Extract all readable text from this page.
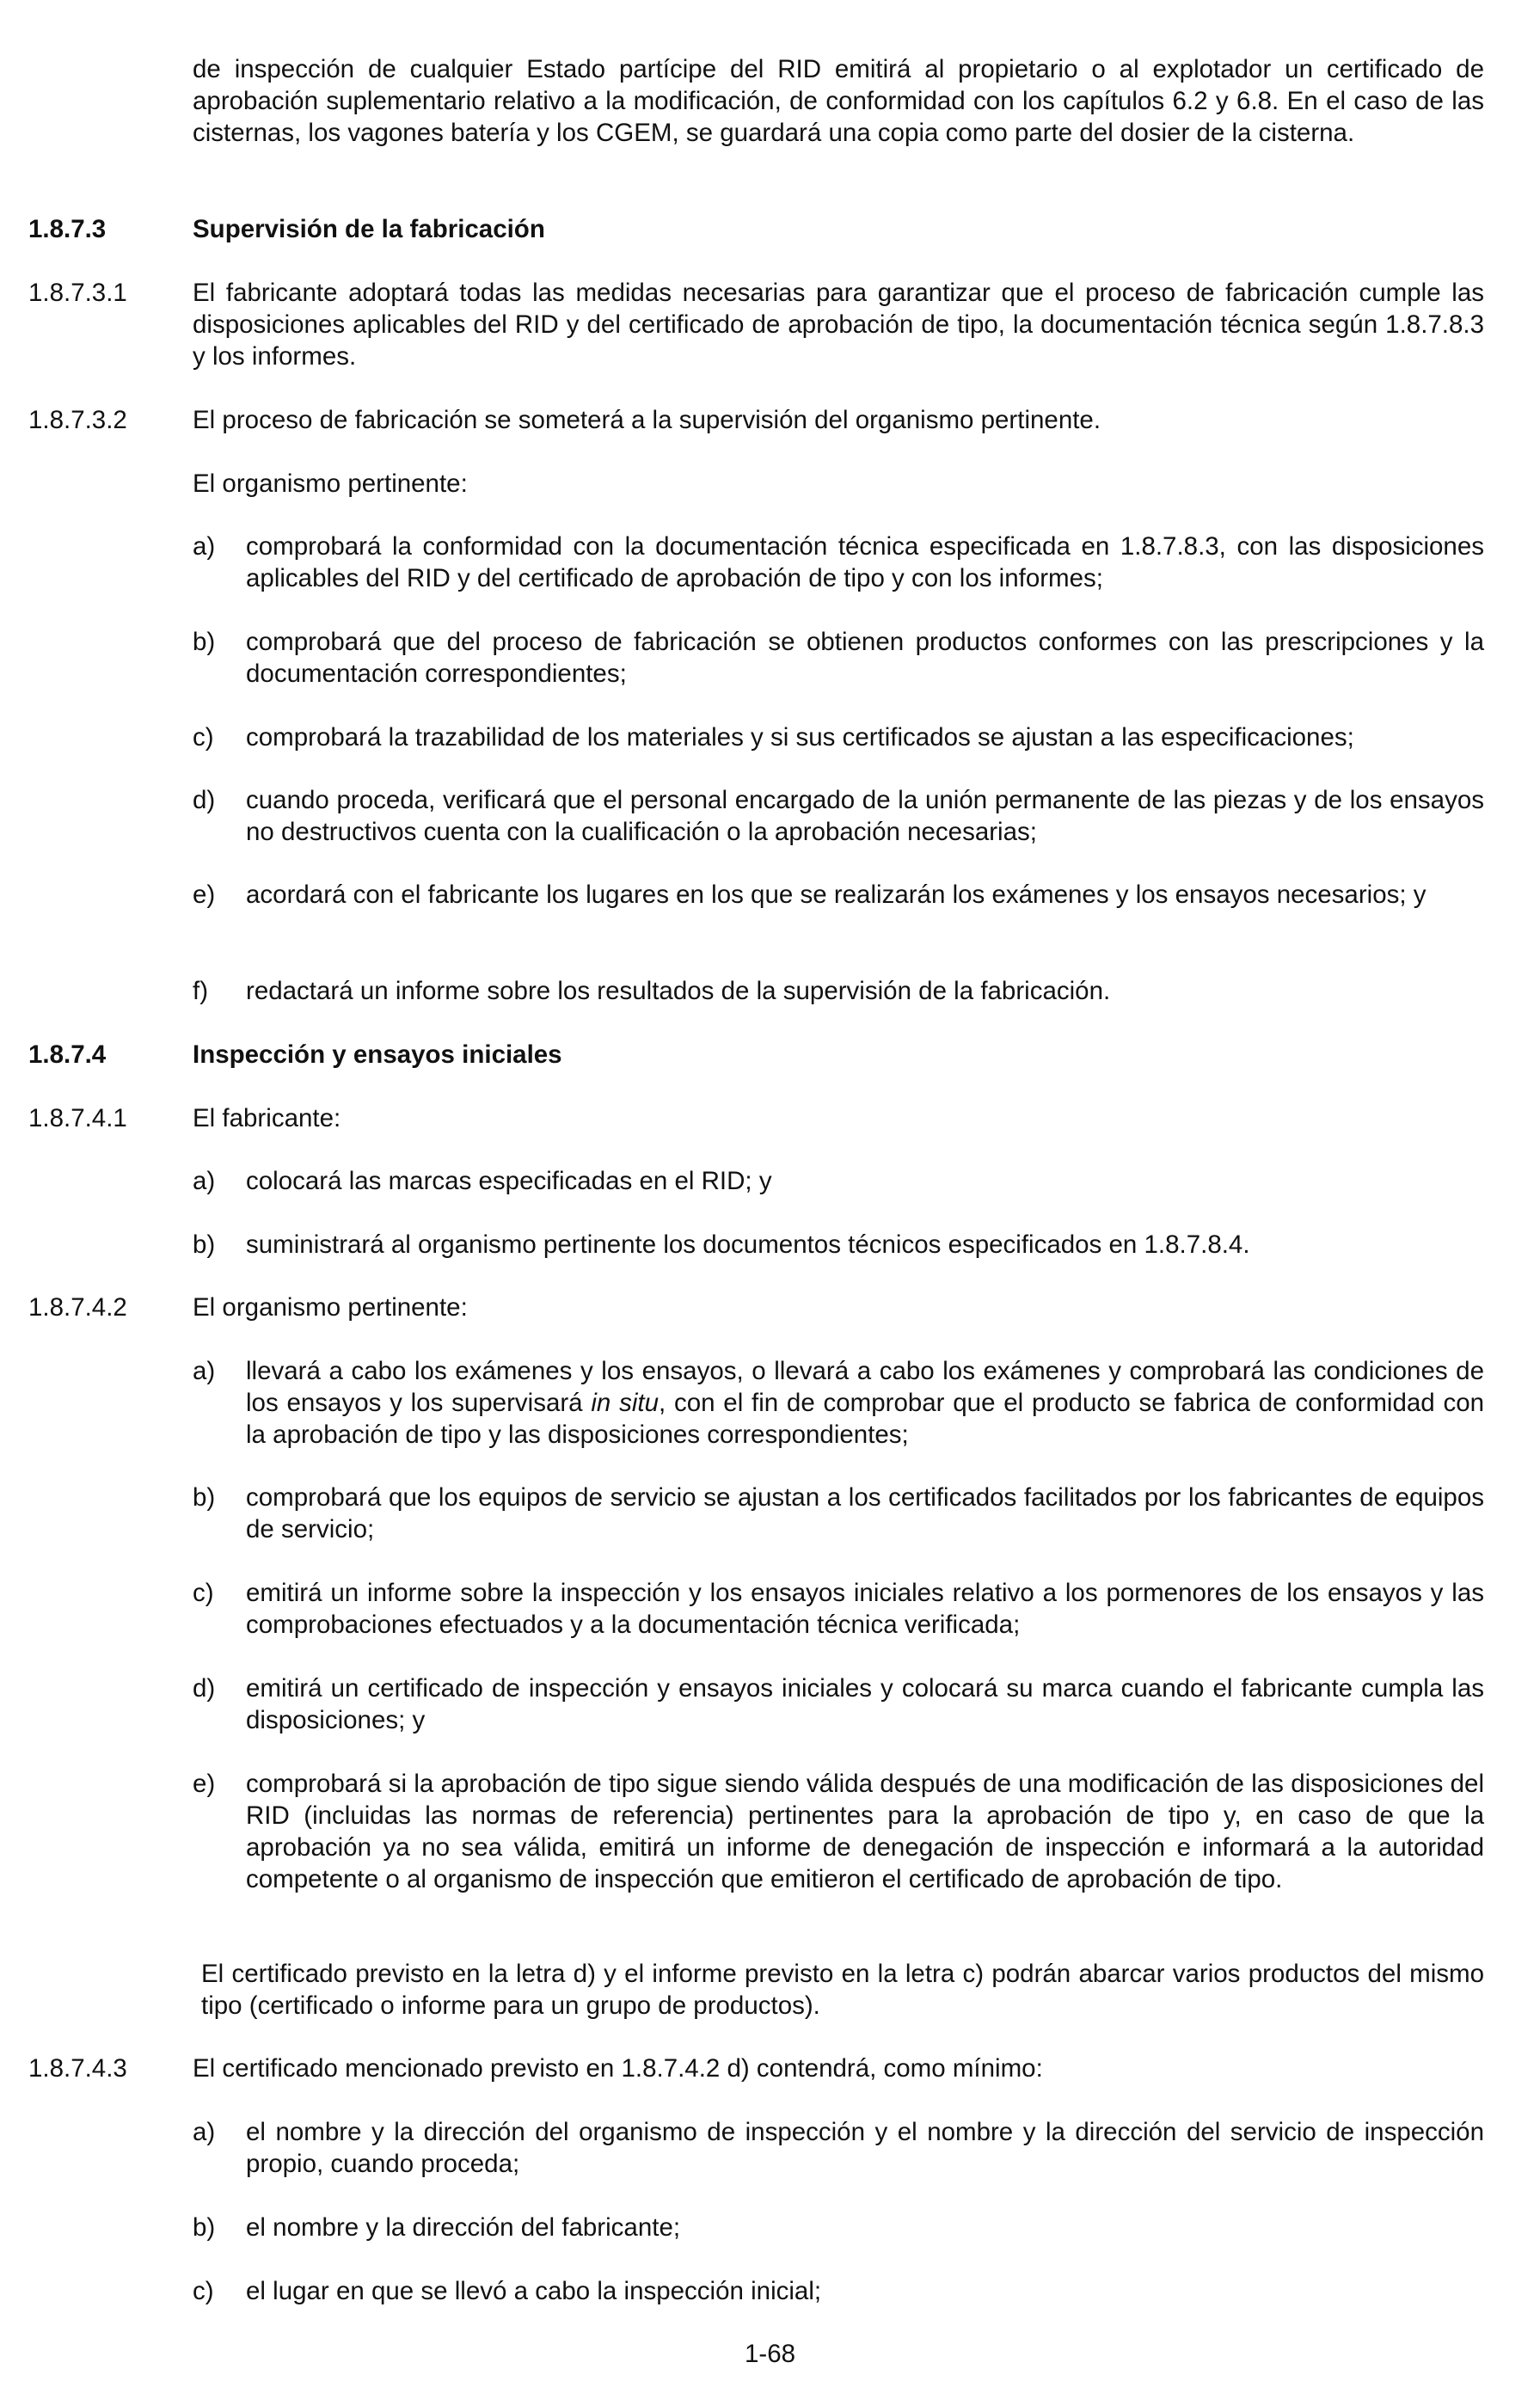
de inspección de cualquier Estado partícipe del RID emitirá al propietario o al explotador un certificado de aprobación suplementario relativo a la modificación, de conformidad con los capítulos 6.2 y 6.8. En el caso de las cisternas, los vagones batería y los CGEM, se guardará una copia como parte del dosier de la cisterna.

1.8.7.3	Supervisión de la fabricación

1.8.7.3.1	El fabricante adoptará todas las medidas necesarias para garantizar que el proceso de fabricación cumple las disposiciones aplicables del RID y del certificado de aprobación de tipo, la documentación técnica según 1.8.7.8.3 y los informes.

1.8.7.3.2	El proceso de fabricación se someterá a la supervisión del organismo pertinente.

El organismo pertinente:

a) comprobará la conformidad con la documentación técnica especificada en 1.8.7.8.3, con las disposiciones aplicables del RID y del certificado de aprobación de tipo y con los informes;
b) comprobará que del proceso de fabricación se obtienen productos conformes con las prescripciones y la documentación correspondientes;
c) comprobará la trazabilidad de los materiales y si sus certificados se ajustan a las especificaciones;
d) cuando proceda, verificará que el personal encargado de la unión permanente de las piezas y de los ensayos no destructivos cuenta con la cualificación o la aprobación necesarias;
e) acordará con el fabricante los lugares en los que se realizarán los exámenes y los ensayos necesarios; y
f) redactará un informe sobre los resultados de la supervisión de la fabricación.

1.8.7.4	Inspección y ensayos iniciales

1.8.7.4.1	El fabricante:

a) colocará las marcas especificadas en el RID; y
b) suministrará al organismo pertinente los documentos técnicos especificados en 1.8.7.8.4.

1.8.7.4.2	El organismo pertinente:

a) llevará a cabo los exámenes y los ensayos, o llevará a cabo los exámenes y comprobará las condiciones de los ensayos y los supervisará in situ, con el fin de comprobar que el producto se fabrica de conformidad con la aprobación de tipo y las disposiciones correspondientes;
b) comprobará que los equipos de servicio se ajustan a los certificados facilitados por los fabricantes de equipos de servicio;
c) emitirá un informe sobre la inspección y los ensayos iniciales relativo a los pormenores de los ensayos y las comprobaciones efectuados y a la documentación técnica verificada;
d) emitirá un certificado de inspección y ensayos iniciales y colocará su marca cuando el fabricante cumpla las disposiciones; y
e) comprobará si la aprobación de tipo sigue siendo válida después de una modificación de las disposiciones del RID (incluidas las normas de referencia) pertinentes para la aprobación de tipo y, en caso de que la aprobación ya no sea válida, emitirá un informe de denegación de inspección e informará a la autoridad competente o al organismo de inspección que emitieron el certificado de aprobación de tipo.

El certificado previsto en la letra d) y el informe previsto en la letra c) podrán abarcar varios productos del mismo tipo (certificado o informe para un grupo de productos).

1.8.7.4.3	El certificado mencionado previsto en 1.8.7.4.2 d) contendrá, como mínimo:

a) el nombre y la dirección del organismo de inspección y el nombre y la dirección del servicio de inspección propio, cuando proceda;
b) el nombre y la dirección del fabricante;
c) el lugar en que se llevó a cabo la inspección inicial;

1-68
